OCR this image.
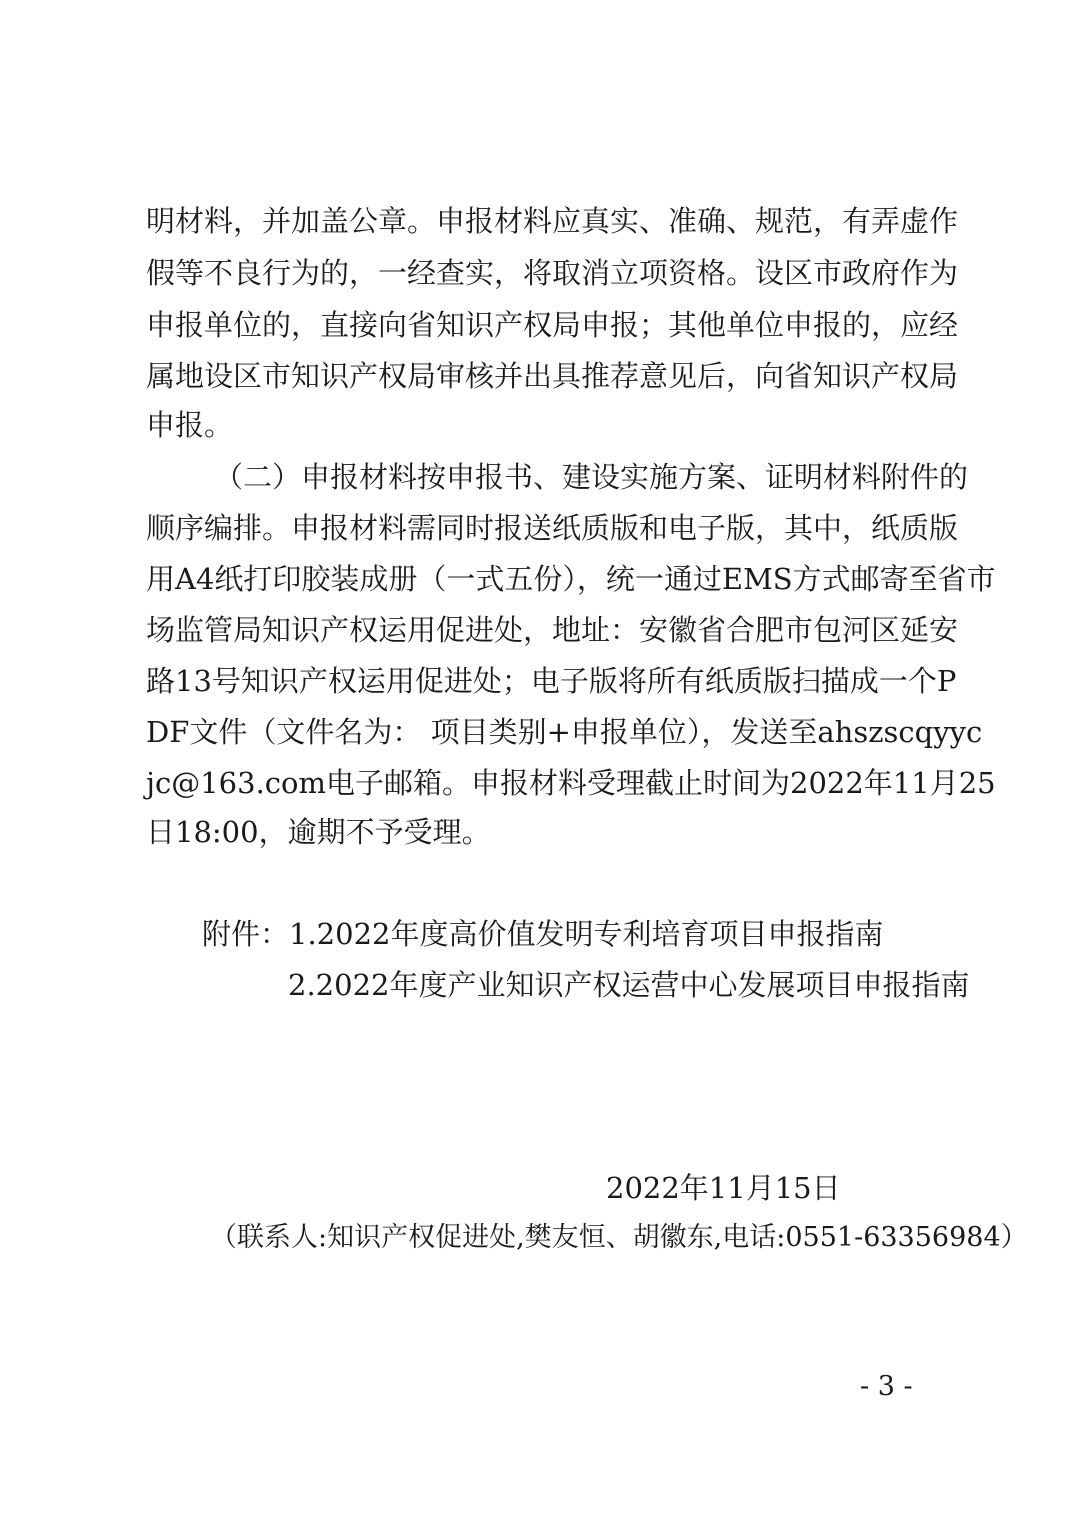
明材料，并加盖公章。申报材料应真实、准确、规范，有弄虚作
假等不良行为的，一经查实，将取消立项资格。设区市政府作为
申报单位的，直接向省知识产权局申报；其他单位申报的，应经
属地设区市知识产权局审核并出具推荐意见后，向省知识产权局
申报。
（二）申报材料按申报书、建设实施方案、证明材料附件的
顺序编排。申报材料需同时报送纸质版和电子版，其中，纸质版
用A4纸打印胶装成册（一式五份），统一通过EMS方式邮寄至省市
场监管局知识产权运用促进处，地址：安徽省合肥市包河区延安
路13号知识产权运用促进处；电子版将所有纸质版扫描成一个P
DF文件（文件名为： 项目类别+申报单位），发送至ahszscqyyc
jc@163.com电子邮箱。申报材料受理截止时间为2022年11月25
日18:00，逾期不予受理。
附件：1.2022年度高价值发明专利培育项目申报指南
2.2022年度产业知识产权运营中心发展项目申报指南
2022年11月15日
（联系人:知识产权促进处,樊友恒、胡徽东,电话:0551-63356984）
- 3 -
